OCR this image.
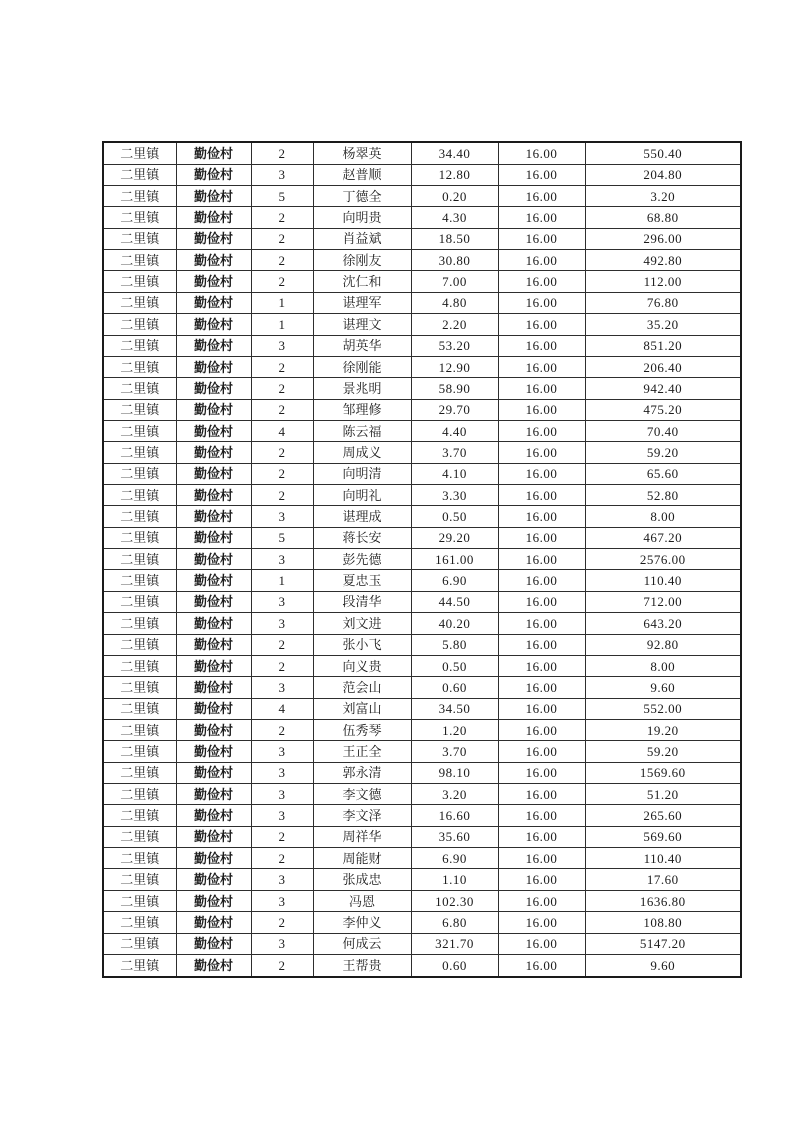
二里镇	勤俭村	2	杨翠英	34.40	16.00	550.40
二里镇	勤俭村	3	赵普顺	12.80	16.00	204.80
二里镇	勤俭村	5	丁德全	0.20	16.00	3.20
二里镇	勤俭村	2	向明贵	4.30	16.00	68.80
二里镇	勤俭村	2	肖益斌	18.50	16.00	296.00
二里镇	勤俭村	2	徐刚友	30.80	16.00	492.80
二里镇	勤俭村	2	沈仁和	7.00	16.00	112.00
二里镇	勤俭村	1	谌理军	4.80	16.00	76.80
二里镇	勤俭村	1	谌理文	2.20	16.00	35.20
二里镇	勤俭村	3	胡英华	53.20	16.00	851.20
二里镇	勤俭村	2	徐刚能	12.90	16.00	206.40
二里镇	勤俭村	2	景兆明	58.90	16.00	942.40
二里镇	勤俭村	2	邹理修	29.70	16.00	475.20
二里镇	勤俭村	4	陈云福	4.40	16.00	70.40
二里镇	勤俭村	2	周成义	3.70	16.00	59.20
二里镇	勤俭村	2	向明清	4.10	16.00	65.60
二里镇	勤俭村	2	向明礼	3.30	16.00	52.80
二里镇	勤俭村	3	谌理成	0.50	16.00	8.00
二里镇	勤俭村	5	蒋长安	29.20	16.00	467.20
二里镇	勤俭村	3	彭先德	161.00	16.00	2576.00
二里镇	勤俭村	1	夏忠玉	6.90	16.00	110.40
二里镇	勤俭村	3	段清华	44.50	16.00	712.00
二里镇	勤俭村	3	刘文进	40.20	16.00	643.20
二里镇	勤俭村	2	张小飞	5.80	16.00	92.80
二里镇	勤俭村	2	向义贵	0.50	16.00	8.00
二里镇	勤俭村	3	范会山	0.60	16.00	9.60
二里镇	勤俭村	4	刘富山	34.50	16.00	552.00
二里镇	勤俭村	2	伍秀琴	1.20	16.00	19.20
二里镇	勤俭村	3	王正全	3.70	16.00	59.20
二里镇	勤俭村	3	郭永清	98.10	16.00	1569.60
二里镇	勤俭村	3	李文德	3.20	16.00	51.20
二里镇	勤俭村	3	李文泽	16.60	16.00	265.60
二里镇	勤俭村	2	周祥华	35.60	16.00	569.60
二里镇	勤俭村	2	周能财	6.90	16.00	110.40
二里镇	勤俭村	3	张成忠	1.10	16.00	17.60
二里镇	勤俭村	3	冯恩	102.30	16.00	1636.80
二里镇	勤俭村	2	李仲义	6.80	16.00	108.80
二里镇	勤俭村	3	何成云	321.70	16.00	5147.20
二里镇	勤俭村	2	王帮贵	0.60	16.00	9.60
